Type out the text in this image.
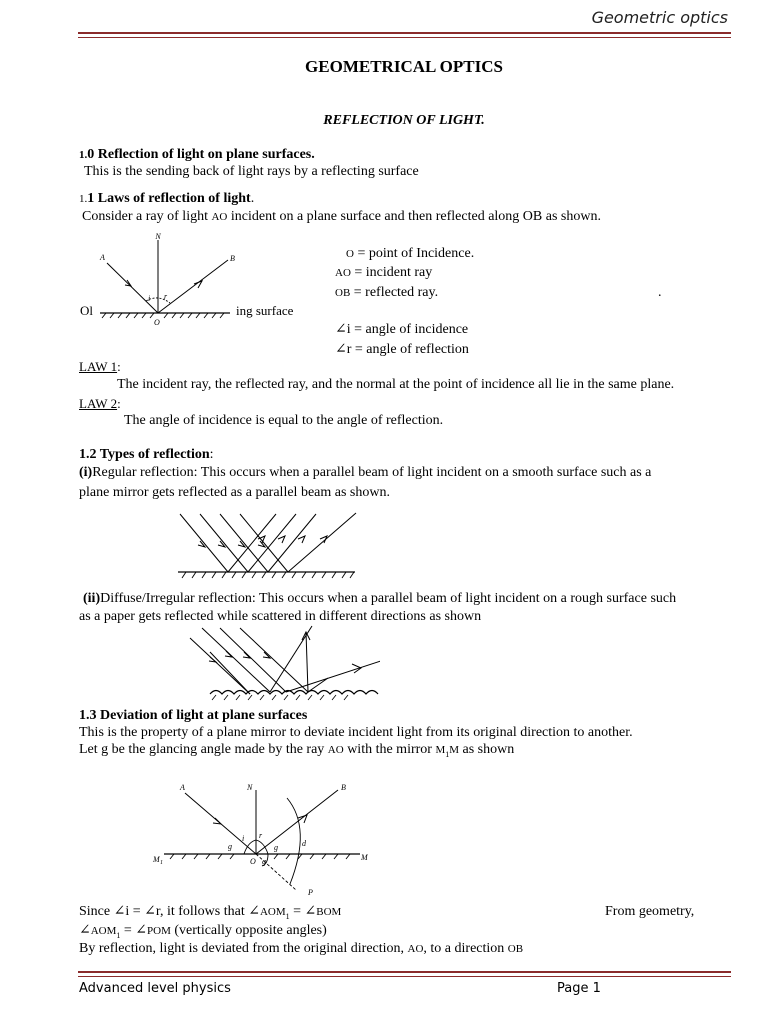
Geometric optics
GEOMETRICAL OPTICS
REFLECTION OF LIGHT.
1.0 Reflection of light on plane surfaces.
This is the sending back of light rays by a reflecting surface
1.1 Laws of reflection of light.
Consider a ray of light AO incident on a plane surface and then reflected along OB as shown.
N
A	B
O
i r
Ol	ing surface
O = point of Incidence.
AO = incident ray
OB = reflected ray.	.
∠i = angle of incidence
∠r = angle of reflection
LAW 1:
The incident ray, the reflected ray, and the normal at the point of incidence all lie in the same plane.
LAW 2:
The angle of incidence is equal to the angle of reflection.
1.2 Types of reflection:
(i)Regular reflection: This occurs when a parallel beam of light incident on a smooth surface such as a
plane mirror gets reflected as a parallel beam as shown.
(ii)Diffuse/Irregular reflection: This occurs when a parallel beam of light incident on a rough surface such
as a paper gets reflected while scattered in different directions as shown
1.3 Deviation of light at plane surfaces
This is the property of a plane mirror to deviate incident light from its original direction to another.
Let g be the glancing angle made by the ray AO with the mirror $M_1M$ as shown
A	N	B
i r
d
g	g
g
O
M 1
M
P
Since ∠i = ∠r, it follows that $\angle AOM_1$ = ∠BOM	From geometry,
$\angle AOM_1$ = ∠POM (vertically opposite angles)
By reflection, light is deviated from the original direction, AO, to a direction OB
Advanced level physics	Page 1
